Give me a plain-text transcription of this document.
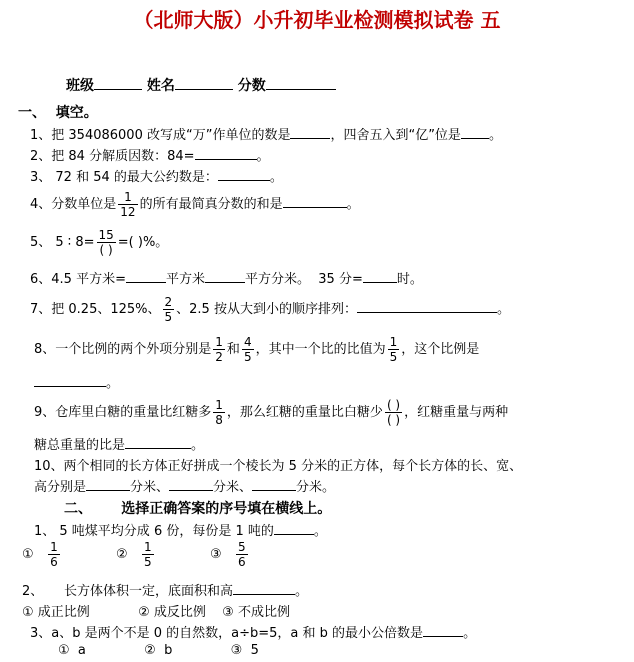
（北师大版）小升初毕业检测模拟试卷 五
班级	姓名	分数
一、 填空。
1、把 354086000 改写成“万”作单位的数是	，四舍五入到“亿”位是 。
2、把 84 分解质因数：84=	。
3、 72 和 54 的最大公约数是：	。
4、分数单位是 $\frac{1}{12}$ 的所有最简真分数的和是	。
5、 5 ∶ $8= \frac{15}{( )}$ =( )%。
6、4.5 平方米=	平方米	平方分米。 35 分=	时。
7、把 0.25、125%、 $\frac{2}{5}$ 、2.5 按从大到小的顺序排列：	。
8、一个比例的两个外项分别是 $\frac{1}{2}$ 和 $\frac{4}{5}$ ，其中一个比的比值为 $\frac{1}{5}$ ，这个比例是
。
9、仓库里白糖的重量比红糖多 $\frac{1}{8}$ ，那么红糖的重量比白糖少 $\frac{( )}{( )}$ ，红糖重量与两种
糖总重量的比是	。
10、两个相同的长方体正好拼成一个棱长为 5 分米的正方体，每个长方体的长、宽、
高分别是	分米、	分米、	分米。
二、 选择正确答案的序号填在横线上。
1、 5 吨煤平均分成 6 份，每份是 1 吨的	。
① $\frac{1}{6}$	② $\frac{1}{5}$	③ $\frac{5}{6}$
2、 长方体体积一定，底面积和高	。
① 成正比例	② 成反比例 ③ 不成比例
3、a、b 是两个不是 0 的自然数，a÷b=5，a 和 b 的最小公倍数是	。
① a	② b	③ 5
